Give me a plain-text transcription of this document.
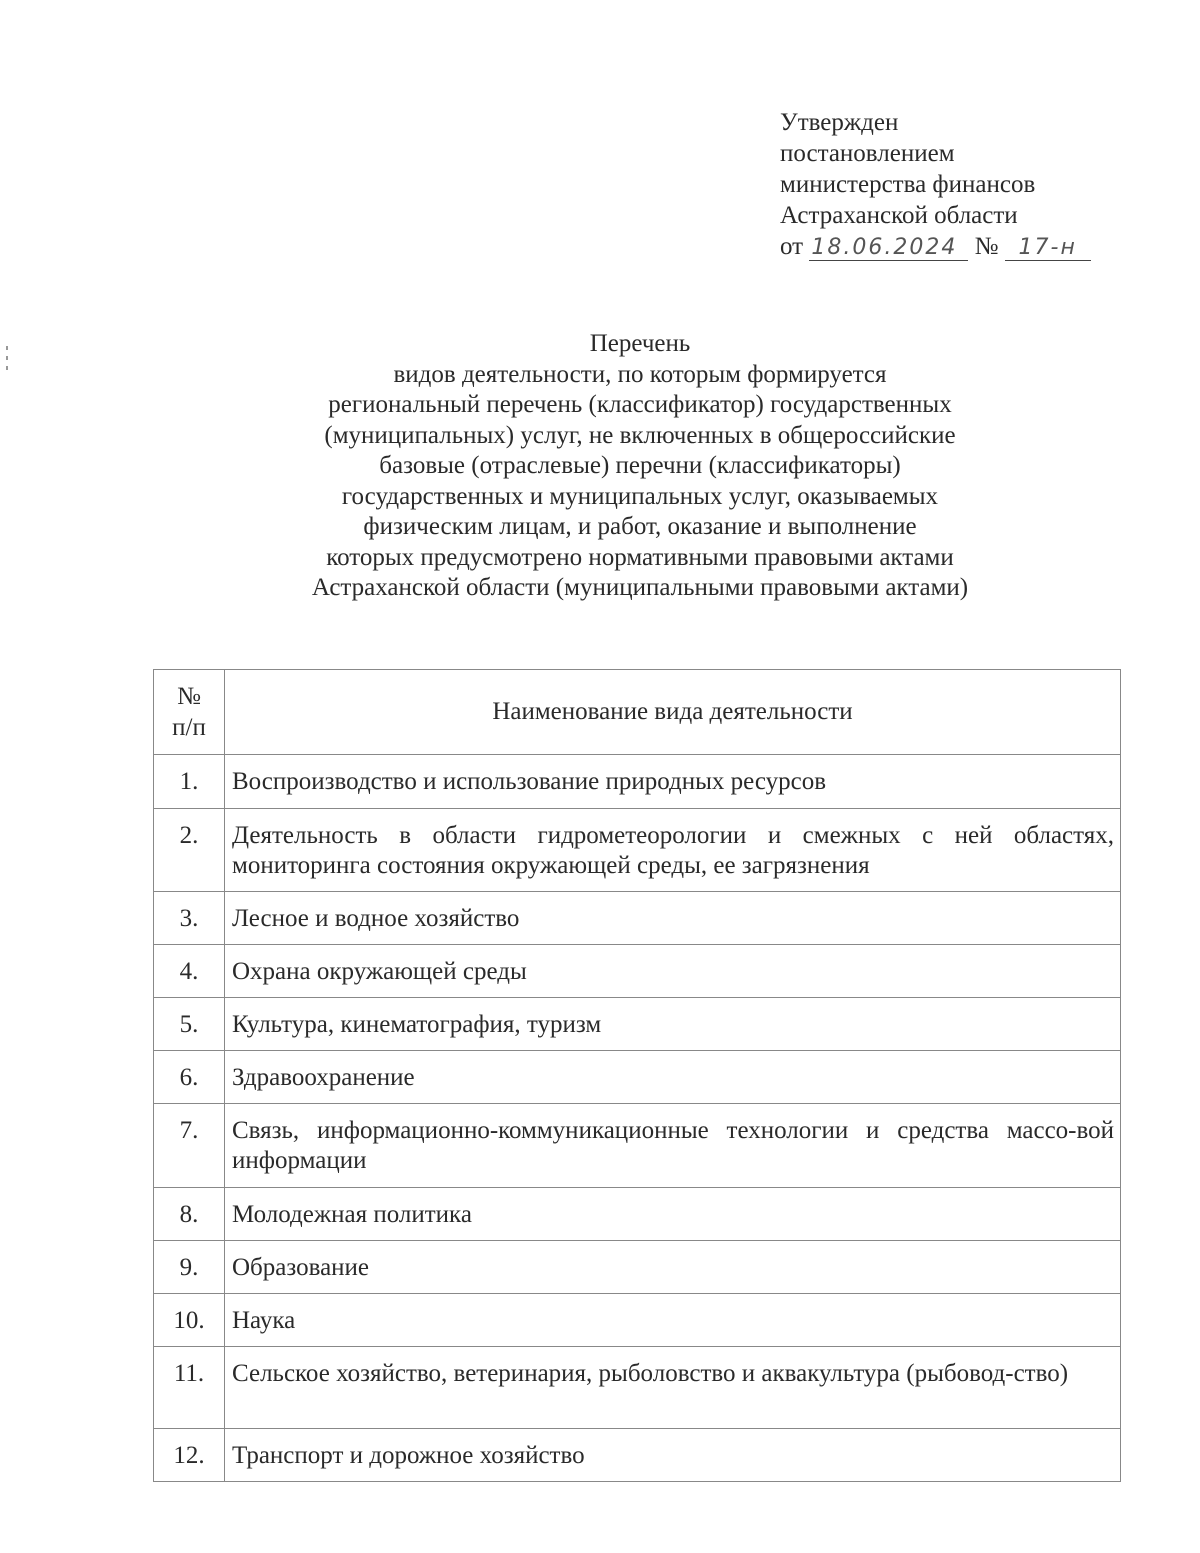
Утвержден
постановлением
министерства финансов
Астраханской области
от 18.06.2024 № 17-н
Перечень
видов деятельности, по которым формируется
региональный перечень (классификатор) государственных
(муниципальных) услуг, не включенных в общероссийские
базовые (отраслевые) перечни (классификаторы)
государственных и муниципальных услуг, оказываемых
физическим лицам, и работ, оказание и выполнение
которых предусмотрено нормативными правовыми актами
Астраханской области (муниципальными правовыми актами)
№
п/п	Наименование вида деятельности
1.	Воспроизводство и использование природных ресурсов
2.	Деятельность в области гидрометеорологии и смежных с ней областях, мониторинга состояния окружающей среды, ее загрязнения
3.	Лесное и водное хозяйство
4.	Охрана окружающей среды
5.	Культура, кинематография, туризм
6.	Здравоохранение
7.	Связь, информационно-коммуникационные технологии и средства массо-вой информации
8.	Молодежная политика
9.	Образование
10.	Наука
11.	Сельское хозяйство, ветеринария, рыболовство и аквакультура (рыбовод-ство)
12.	Транспорт и дорожное хозяйство
